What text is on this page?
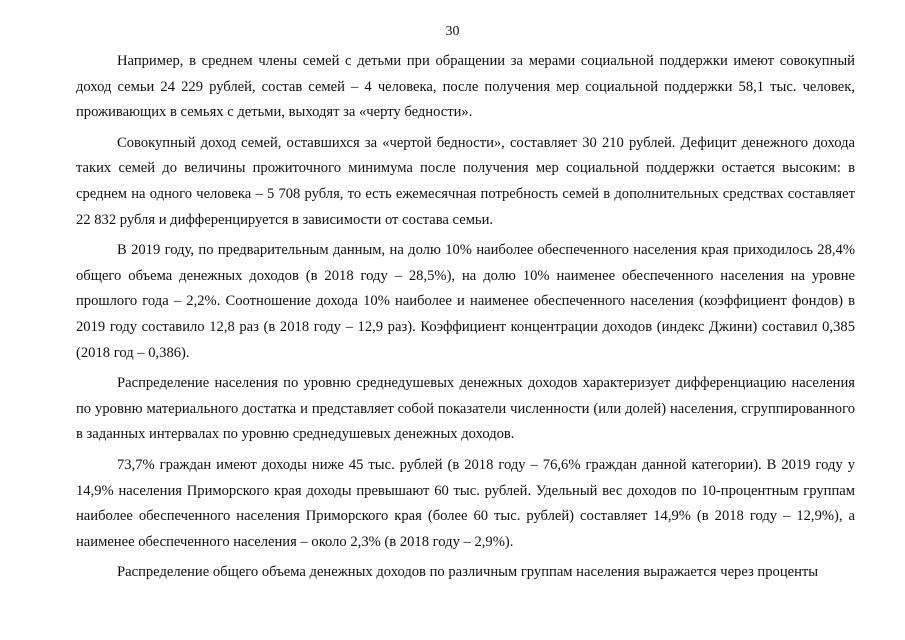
30

Например, в среднем члены семей с детьми при обращении за мерами социальной поддержки имеют совокупный доход семьи 24 229 рублей, состав семей – 4 человека, после получения мер социальной поддержки 58,1 тыс. человек, проживающих в семьях с детьми, выходят за «черту бедности».

Совокупный доход семей, оставшихся за «чертой бедности», составляет 30 210 рублей. Дефицит денежного дохода таких семей до величины прожиточного минимума после получения мер социальной поддержки остается высоким: в среднем на одного человека – 5 708 рубля, то есть ежемесячная потребность семей в дополнительных средствах составляет 22 832 рубля и дифференцируется в зависимости от состава семьи.

В 2019 году, по предварительным данным, на долю 10% наиболее обеспеченного населения края приходилось 28,4% общего объема денежных доходов (в 2018 году – 28,5%), на долю 10% наименее обеспеченного населения на уровне прошлого года – 2,2%. Соотношение дохода 10% наиболее и наименее обеспеченного населения (коэффициент фондов) в 2019 году составило 12,8 раз (в 2018 году – 12,9 раз). Коэффициент концентрации доходов (индекс Джини) составил 0,385 (2018 год – 0,386).

Распределение населения по уровню среднедушевых денежных доходов характеризует дифференциацию населения по уровню материального достатка и представляет собой показатели численности (или долей) населения, сгруппированного в заданных интервалах по уровню среднедушевых денежных доходов.

73,7% граждан имеют доходы ниже 45 тыс. рублей (в 2018 году – 76,6% граждан данной категории). В 2019 году у 14,9% населения Приморского края доходы превышают 60 тыс. рублей. Удельный вес доходов по 10-процентным группам наиболее обеспеченного населения Приморского края (более 60 тыс. рублей) составляет 14,9% (в 2018 году – 12,9%), а наименее обеспеченного населения – около 2,3% (в 2018 году – 2,9%).

Распределение общего объема денежных доходов по различным группам населения выражается через проценты
